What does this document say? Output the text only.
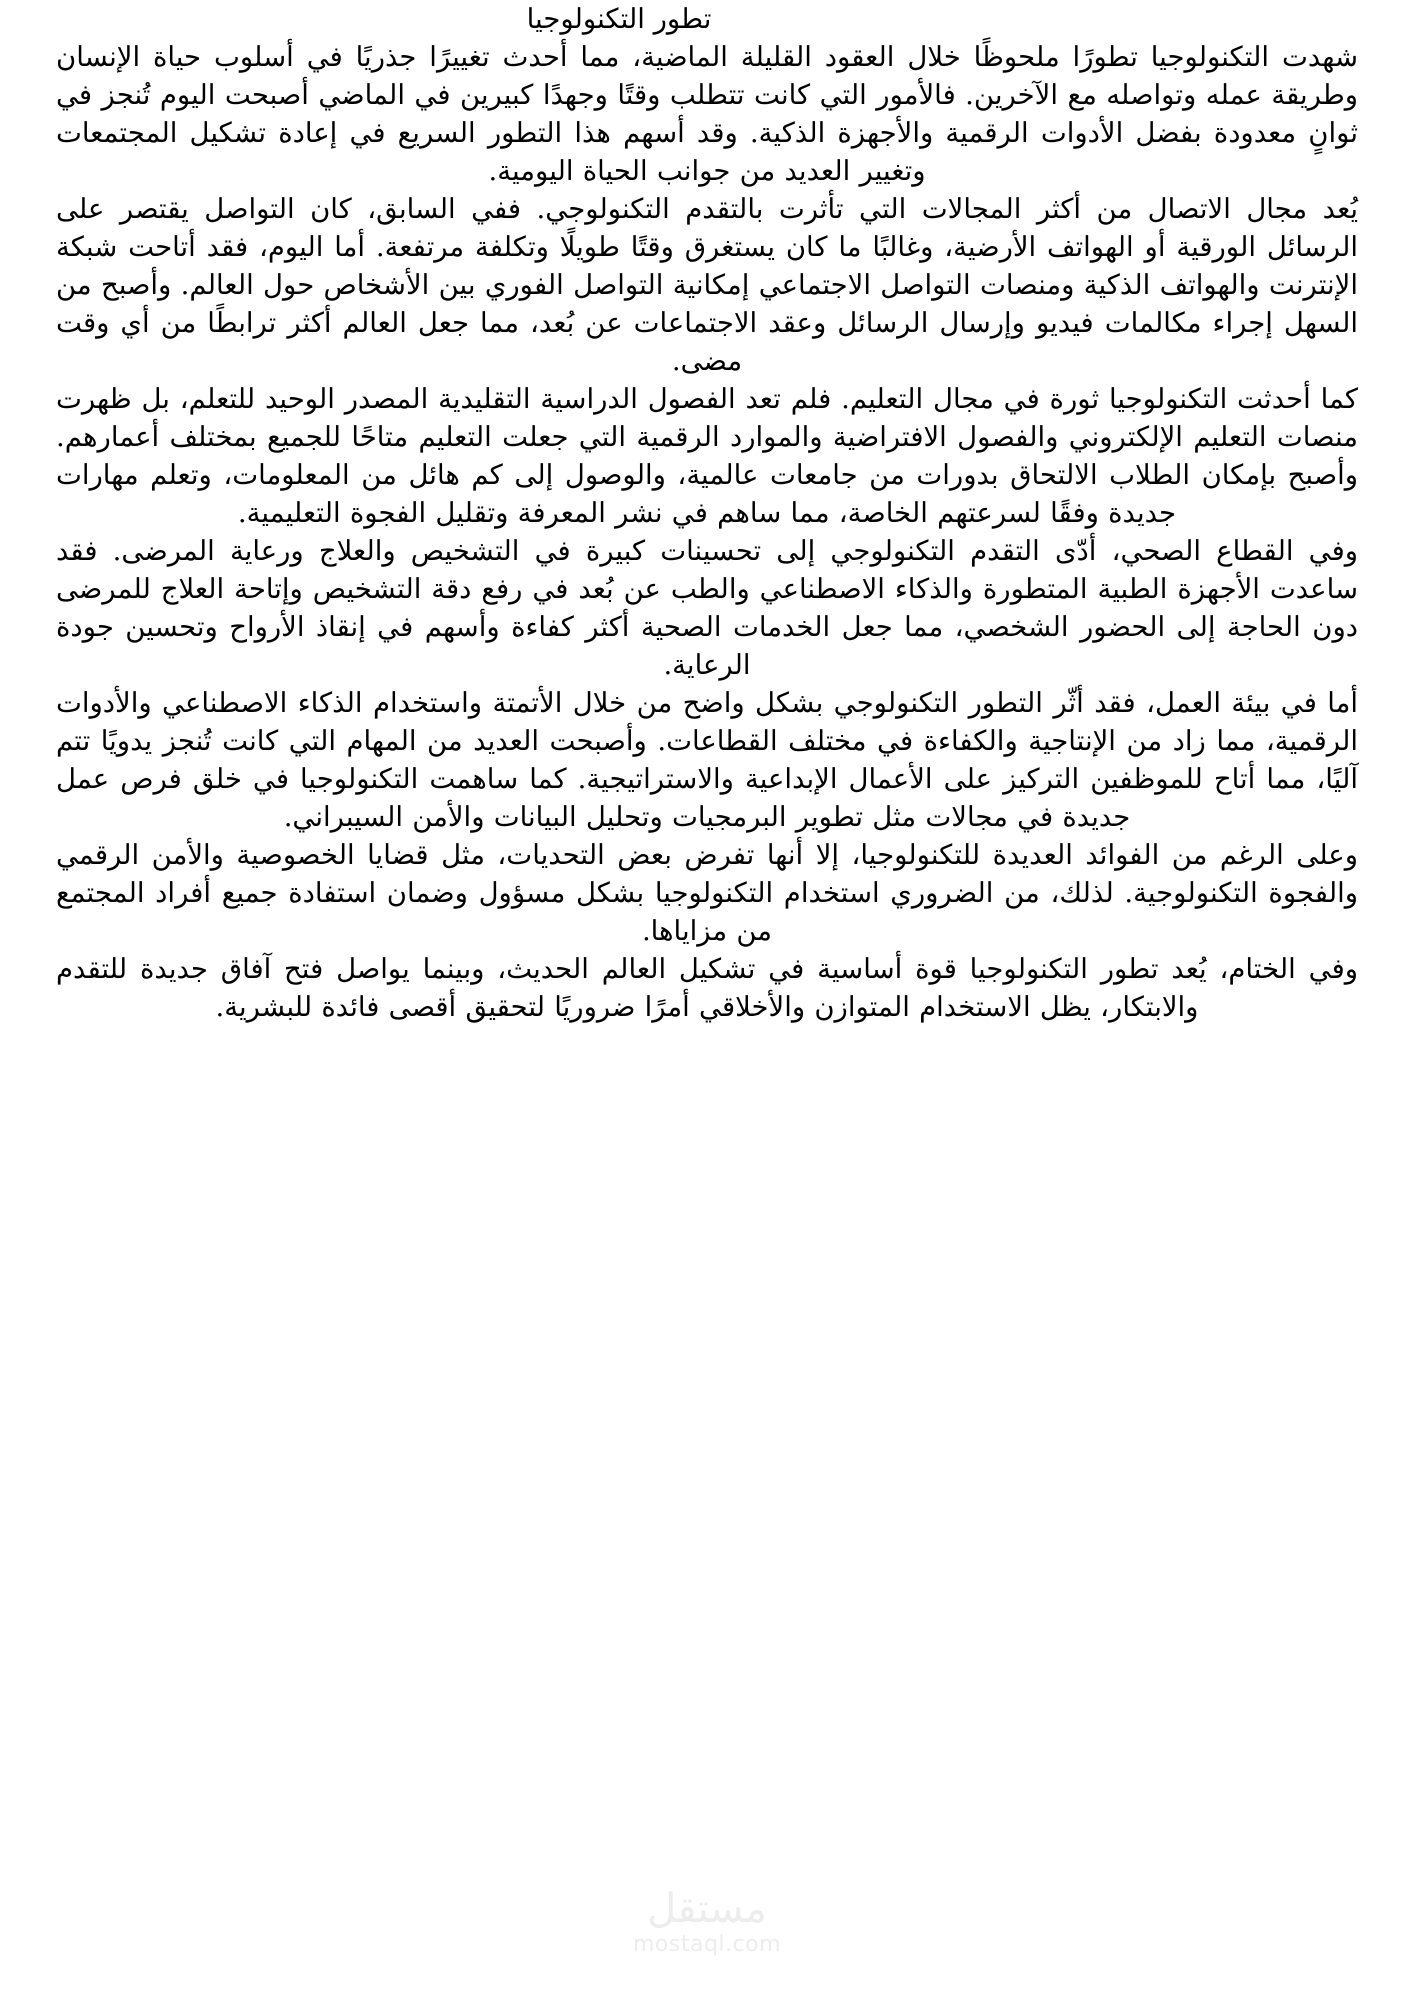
تطور التكنولوجيا

شهدت التكنولوجيا تطورًا ملحوظًا خلال العقود القليلة الماضية، مما أحدث تغييرًا جذريًا في أسلوب حياة الإنسان وطريقة عمله وتواصله مع الآخرين. فالأمور التي كانت تتطلب وقتًا وجهدًا كبيرين في الماضي أصبحت اليوم تُنجز في ثوانٍ معدودة بفضل الأدوات الرقمية والأجهزة الذكية. وقد أسهم هذا التطور السريع في إعادة تشكيل المجتمعات وتغيير العديد من جوانب الحياة اليومية.

يُعد مجال الاتصال من أكثر المجالات التي تأثرت بالتقدم التكنولوجي. ففي السابق، كان التواصل يقتصر على الرسائل الورقية أو الهواتف الأرضية، وغالبًا ما كان يستغرق وقتًا طويلًا وتكلفة مرتفعة. أما اليوم، فقد أتاحت شبكة الإنترنت والهواتف الذكية ومنصات التواصل الاجتماعي إمكانية التواصل الفوري بين الأشخاص حول العالم. وأصبح من السهل إجراء مكالمات فيديو وإرسال الرسائل وعقد الاجتماعات عن بُعد، مما جعل العالم أكثر ترابطًا من أي وقت مضى.

كما أحدثت التكنولوجيا ثورة في مجال التعليم. فلم تعد الفصول الدراسية التقليدية المصدر الوحيد للتعلم، بل ظهرت منصات التعليم الإلكتروني والفصول الافتراضية والموارد الرقمية التي جعلت التعليم متاحًا للجميع بمختلف أعمارهم. وأصبح بإمكان الطلاب الالتحاق بدورات من جامعات عالمية، والوصول إلى كم هائل من المعلومات، وتعلم مهارات جديدة وفقًا لسرعتهم الخاصة، مما ساهم في نشر المعرفة وتقليل الفجوة التعليمية.

وفي القطاع الصحي، أدّى التقدم التكنولوجي إلى تحسينات كبيرة في التشخيص والعلاج ورعاية المرضى. فقد ساعدت الأجهزة الطبية المتطورة والذكاء الاصطناعي والطب عن بُعد في رفع دقة التشخيص وإتاحة العلاج للمرضى دون الحاجة إلى الحضور الشخصي، مما جعل الخدمات الصحية أكثر كفاءة وأسهم في إنقاذ الأرواح وتحسين جودة الرعاية.

أما في بيئة العمل، فقد أثّر التطور التكنولوجي بشكل واضح من خلال الأتمتة واستخدام الذكاء الاصطناعي والأدوات الرقمية، مما زاد من الإنتاجية والكفاءة في مختلف القطاعات. وأصبحت العديد من المهام التي كانت تُنجز يدويًا تتم آليًا، مما أتاح للموظفين التركيز على الأعمال الإبداعية والاستراتيجية. كما ساهمت التكنولوجيا في خلق فرص عمل جديدة في مجالات مثل تطوير البرمجيات وتحليل البيانات والأمن السيبراني.

وعلى الرغم من الفوائد العديدة للتكنولوجيا، إلا أنها تفرض بعض التحديات، مثل قضايا الخصوصية والأمن الرقمي والفجوة التكنولوجية. لذلك، من الضروري استخدام التكنولوجيا بشكل مسؤول وضمان استفادة جميع أفراد المجتمع من مزاياها.

وفي الختام، يُعد تطور التكنولوجيا قوة أساسية في تشكيل العالم الحديث، وبينما يواصل فتح آفاق جديدة للتقدم والابتكار، يظل الاستخدام المتوازن والأخلاقي أمرًا ضروريًا لتحقيق أقصى فائدة للبشرية.

مستقل
mostaql.com
